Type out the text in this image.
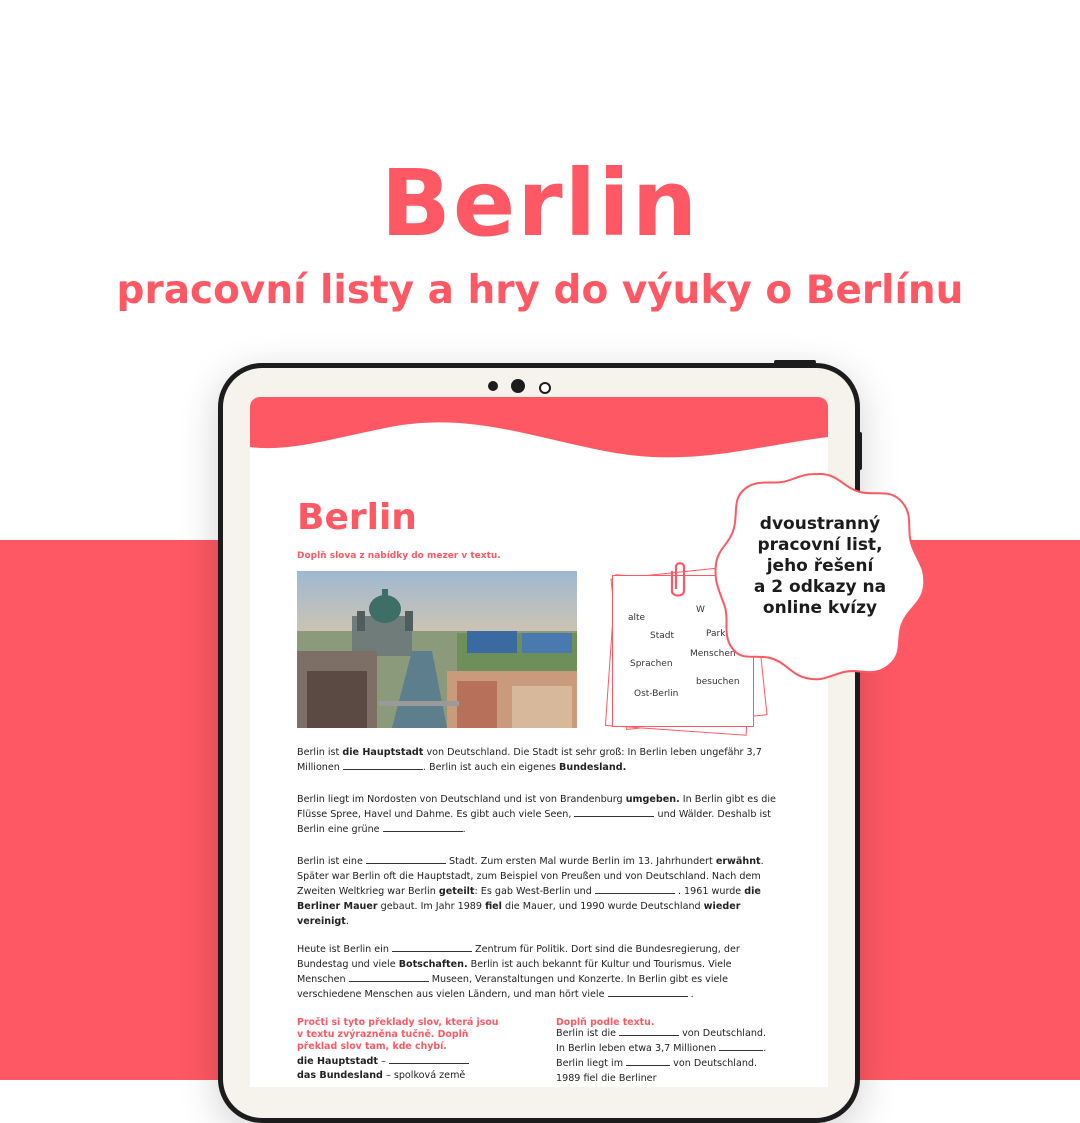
Berlin
pracovní listy a hry do výuky o Berlínu
Berlin

Doplň slova z nabídky do mezer v textu.

alte
W
Stadt	Park
Menschen
Sprachen
besuchen
Ost-Berlin

Berlin ist die Hauptstadt von Deutschland. Die Stadt ist sehr groß: In Berlin leben ungefähr 3,7 Millionen	. Berlin ist auch ein eigenes Bundesland.

Berlin liegt im Nordosten von Deutschland und ist von Brandenburg umgeben. In Berlin gibt es die Flüsse Spree, Havel und Dahme. Es gibt auch viele Seen,	und Wälder. Deshalb ist Berlin eine grüne	.

Berlin ist eine	Stadt. Zum ersten Mal wurde Berlin im 13. Jahrhundert erwähnt. Später war Berlin oft die Hauptstadt, zum Beispiel von Preußen und von Deutschland. Nach dem Zweiten Weltkrieg war Berlin geteilt: Es gab West-Berlin und	. 1961 wurde die Berliner Mauer gebaut. Im Jahr 1989 fiel die Mauer, und 1990 wurde Deutschland wieder vereinigt.

Heute ist Berlin ein	Zentrum für Politik. Dort sind die Bundesregierung, der Bundestag und viele Botschaften. Berlin ist auch bekannt für Kultur und Tourismus. Viele Menschen	Museen, Veranstaltungen und Konzerte. In Berlin gibt es viele verschiedene Menschen aus vielen Ländern, und man hört viele	.

Pročti si tyto překlady slov, která jsou v textu zvýrazněna tučně. Doplň překlad slov tam, kde chybí.

die Hauptstadt –

das Bundesland – spolková země

Doplň podle textu.

Berlin ist die	von Deutschland.

In Berlin leben etwa 3,7 Millionen	.

Berlin liegt im	von Deutschland.

1989 fiel die Berliner

dvoustranný
pracovní list,
jeho řešení
a 2 odkazy na
online kvízy
